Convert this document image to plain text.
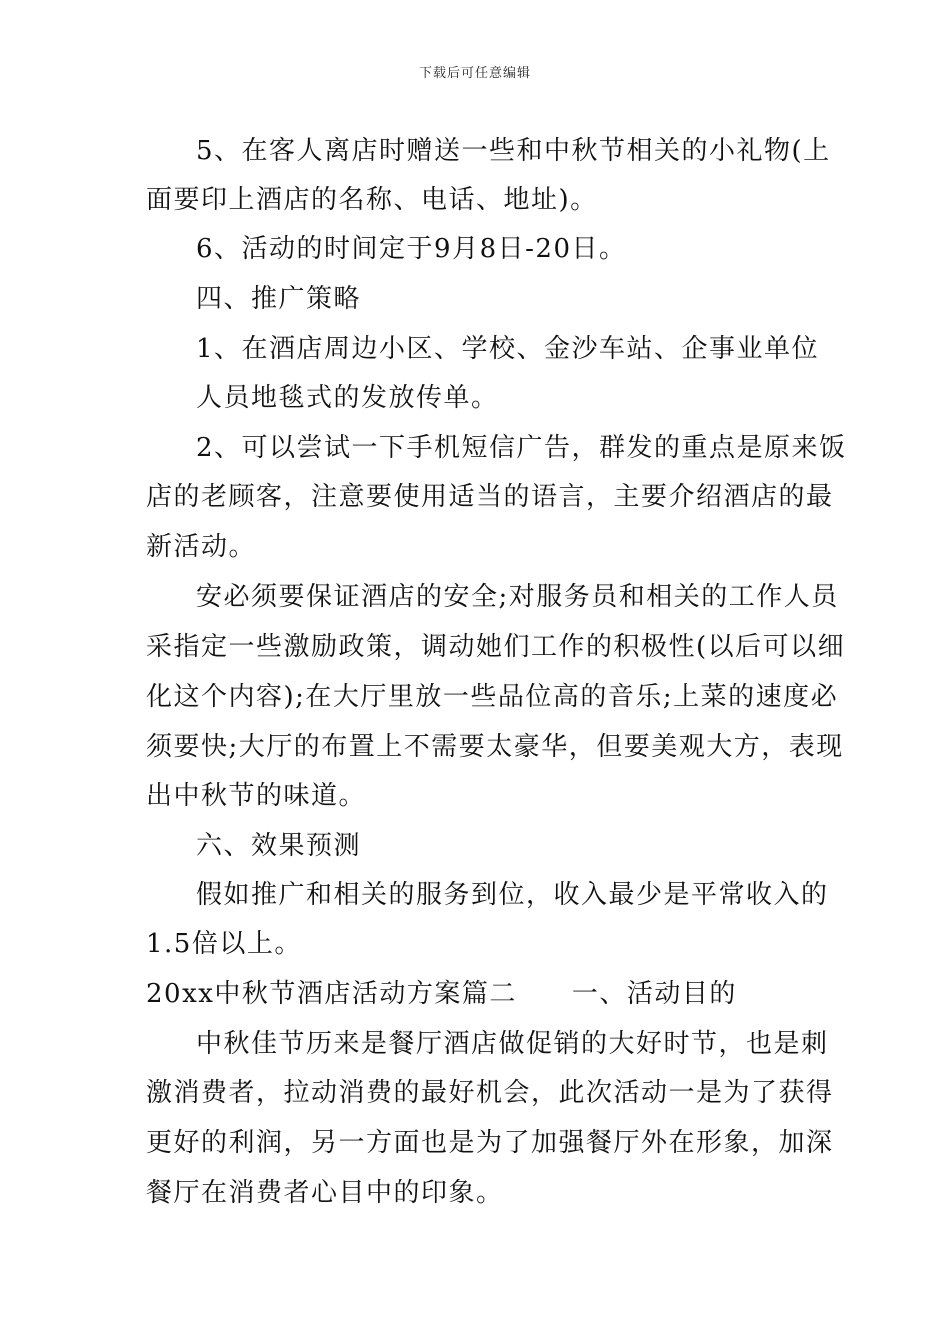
下载后可任意编辑
5、在客人离店时赠送一些和中秋节相关的小礼物(上
面要印上酒店的名称、电话、地址)。
6、活动的时间定于9月8日-20日。
四、推广策略
1、在酒店周边小区、学校、金沙车站、企事业单位
人员地毯式的发放传单。
2、可以尝试一下手机短信广告，群发的重点是原来饭
店的老顾客，注意要使用适当的语言，主要介绍酒店的最
新活动。
安必须要保证酒店的安全;对服务员和相关的工作人员
采指定一些激励政策，调动她们工作的积极性(以后可以细
化这个内容);在大厅里放一些品位高的音乐;上菜的速度必
须要快;大厅的布置上不需要太豪华，但要美观大方，表现
出中秋节的味道。
六、效果预测
假如推广和相关的服务到位，收入最少是平常收入的
1.5倍以上。
20xx中秋节酒店活动方案篇二　　一、活动目的
中秋佳节历来是餐厅酒店做促销的大好时节，也是刺
激消费者，拉动消费的最好机会，此次活动一是为了获得
更好的利润，另一方面也是为了加强餐厅外在形象，加深
餐厅在消费者心目中的印象。
